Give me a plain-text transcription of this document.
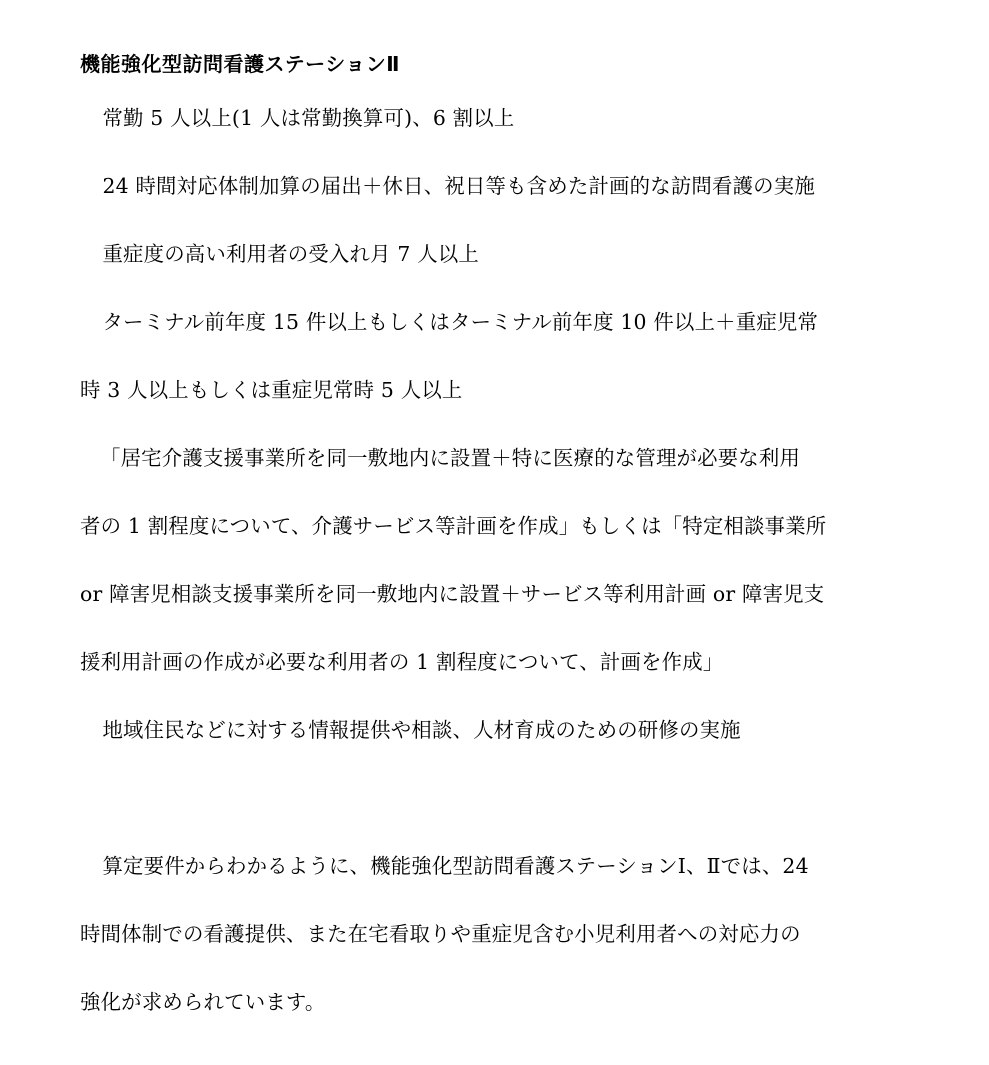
機能強化型訪問看護ステーションⅡ

常勤 5 人以上(1 人は常勤換算可)、6 割以上

24 時間対応体制加算の届出＋休日、祝日等も含めた計画的な訪問看護の実施

重症度の高い利用者の受入れ月 7 人以上

ターミナル前年度 15 件以上もしくはターミナル前年度 10 件以上＋重症児常
時 3 人以上もしくは重症児常時 5 人以上
「居宅介護支援事業所を同一敷地内に設置＋特に医療的な管理が必要な利用
者の 1 割程度について、介護サービス等計画を作成」もしくは「特定相談事業所
or 障害児相談支援事業所を同一敷地内に設置＋サービス等利用計画 or 障害児支
援利用計画の作成が必要な利用者の 1 割程度について、計画を作成」

地域住民などに対する情報提供や相談、人材育成のための研修の実施

算定要件からわかるように、機能強化型訪問看護ステーションⅠ、Ⅱでは、24
時間体制での看護提供、また在宅看取りや重症児含む小児利用者への対応力の
強化が求められています。
